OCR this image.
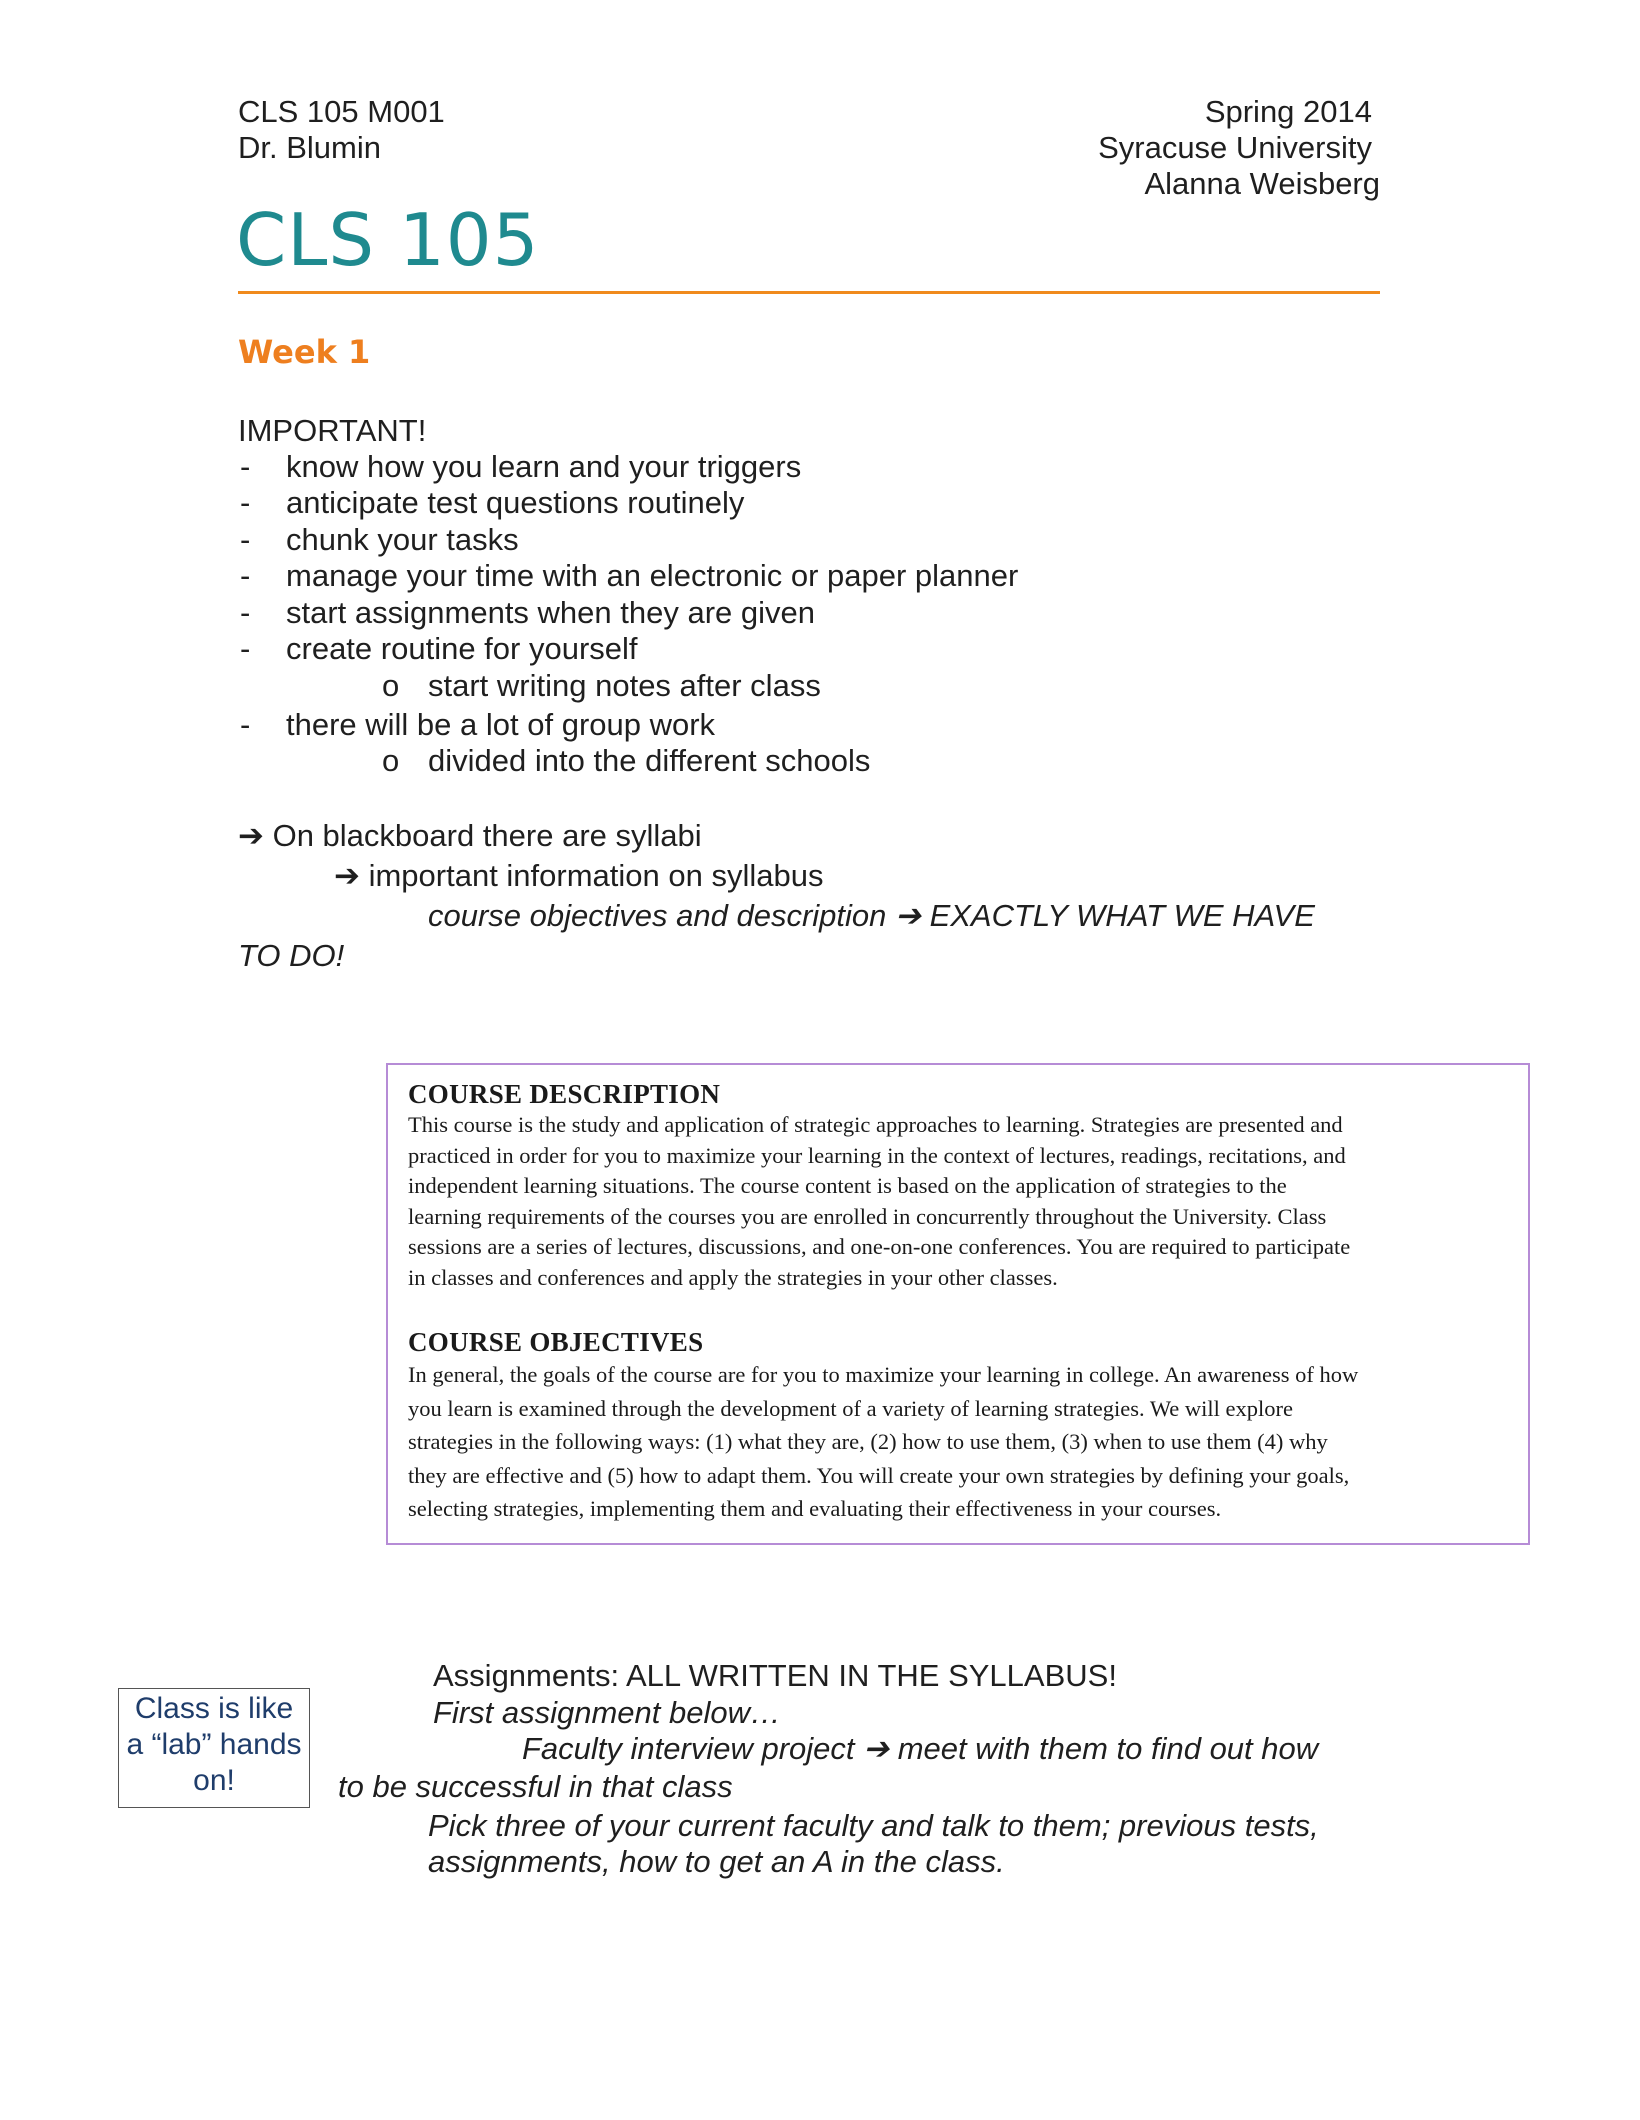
CLS 105 M001
Dr. Blumin
Spring 2014
Syracuse University
Alanna Weisberg
CLS 105
Week 1
IMPORTANT!
- know how you learn and your triggers
- anticipate test questions routinely
- chunk your tasks
- manage your time with an electronic or paper planner
- start assignments when they are given
- create routine for yourself
o start writing notes after class
- there will be a lot of group work
o divided into the different schools
➔ On blackboard there are syllabi
➔ important information on syllabus
course objectives and description ➔ EXACTLY WHAT WE HAVE
TO DO!
COURSE DESCRIPTION

This course is the study and application of strategic approaches to learning. Strategies are presented and

practiced in order for you to maximize your learning in the context of lectures, readings, recitations, and

independent learning situations. The course content is based on the application of strategies to the

learning requirements of the courses you are enrolled in concurrently throughout the University. Class

sessions are a series of lectures, discussions, and one-on-one conferences. You are required to participate

in classes and conferences and apply the strategies in your other classes.

COURSE OBJECTIVES

In general, the goals of the course are for you to maximize your learning in college. An awareness of how

you learn is examined through the development of a variety of learning strategies. We will explore

strategies in the following ways: (1) what they are, (2) how to use them, (3) when to use them (4) why

they are effective and (5) how to adapt them. You will create your own strategies by defining your goals,

selecting strategies, implementing them and evaluating their effectiveness in your courses.

Class is like
a “lab” hands
on!
Assignments: ALL WRITTEN IN THE SYLLABUS!
First assignment below…
Faculty interview project ➔ meet with them to find out how
to be successful in that class
Pick three of your current faculty and talk to them; previous tests,
assignments, how to get an A in the class.
